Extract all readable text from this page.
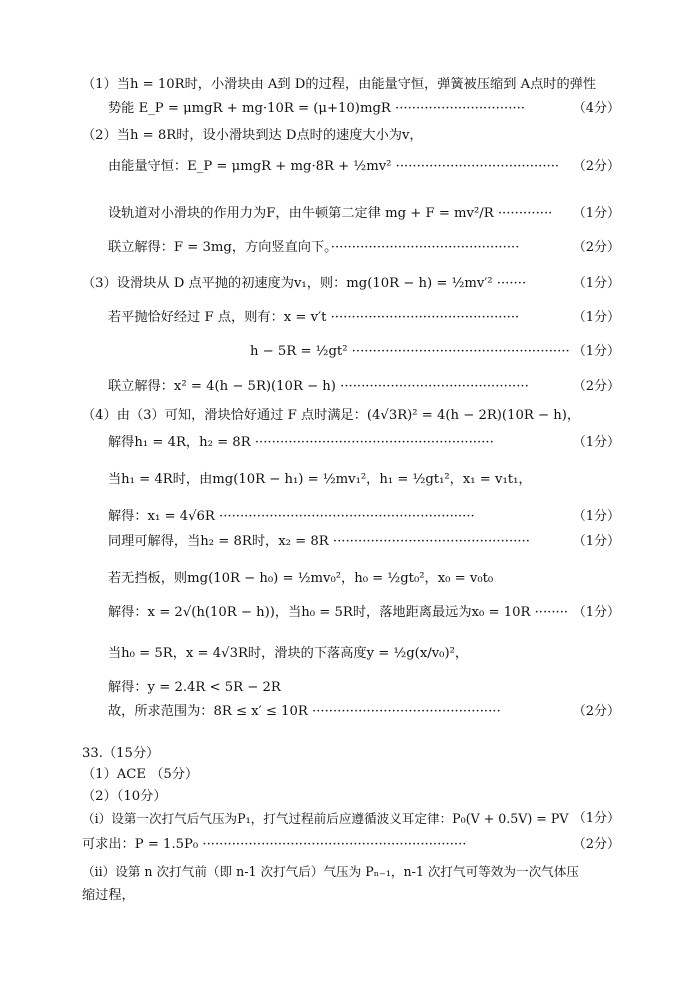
（1）当h = 10R时，小滑块由 A到 D的过程，由能量守恒，弹簧被压缩到 A点时的弹性
势能 E_P = μmgR + mg·10R = (μ+10)mgR ·······························	（4分）
（2）当h = 8R时，设小滑块到达 D点时的速度大小为v，
由能量守恒：E_P = μmgR + mg·8R + ½mv² ······································· （2分）
设轨道对小滑块的作用力为F，由牛顿第二定律 mg + F = mv²/R ············· （1分）
联立解得：F = 3mg，方向竖直向下。·············································	（2分）
（3）设滑块从 D 点平抛的初速度为v₁，则：mg(10R − h) = ½mv′² ·······	（1分）
若平抛恰好经过 F 点，则有：x = v′t ·············································	（1分）
h − 5R = ½gt² ···················································· （1分）
联立解得：x² = 4(h − 5R)(10R − h) ·············································	（2分）
（4）由（3）可知，滑块恰好通过 F 点时满足：(4√3R)² = 4(h − 2R)(10R − h)，
解得h₁ = 4R，h₂ = 8R ·························································	（1分）
当h₁ = 4R时，由mg(10R − h₁) = ½mv₁²，h₁ = ½gt₁²，x₁ = v₁t₁，
解得：x₁ = 4√6R ·····························································	（1分）
同理可解得，当h₂ = 8R时，x₂ = 8R ···············································	（1分）
若无挡板，则mg(10R − h₀) = ½mv₀²，h₀ = ½gt₀²，x₀ = v₀t₀
解得：x = 2√(h(10R − h))，当h₀ = 5R时，落地距离最远为x₀ = 10R ········ （1分）
当h₀ = 5R，x = 4√3R时，滑块的下落高度y = ½g(x/v₀)²，
解得：y = 2.4R < 5R − 2R
故，所求范围为：8R ≤ x′ ≤ 10R ·············································	（2分）
33.（15分）
（1）ACE （5分）
（2）（10分）
（i）设第一次打气后气压为P₁，打气过程前后应遵循波义耳定律：P₀(V + 0.5V) = PV （1分）
可求出：P = 1.5P₀ ·······························································	（2分）
（ii）设第 n 次打气前（即 n-1 次打气后）气压为 Pₙ₋₁，n-1 次打气可等效为一次气体压
缩过程，
